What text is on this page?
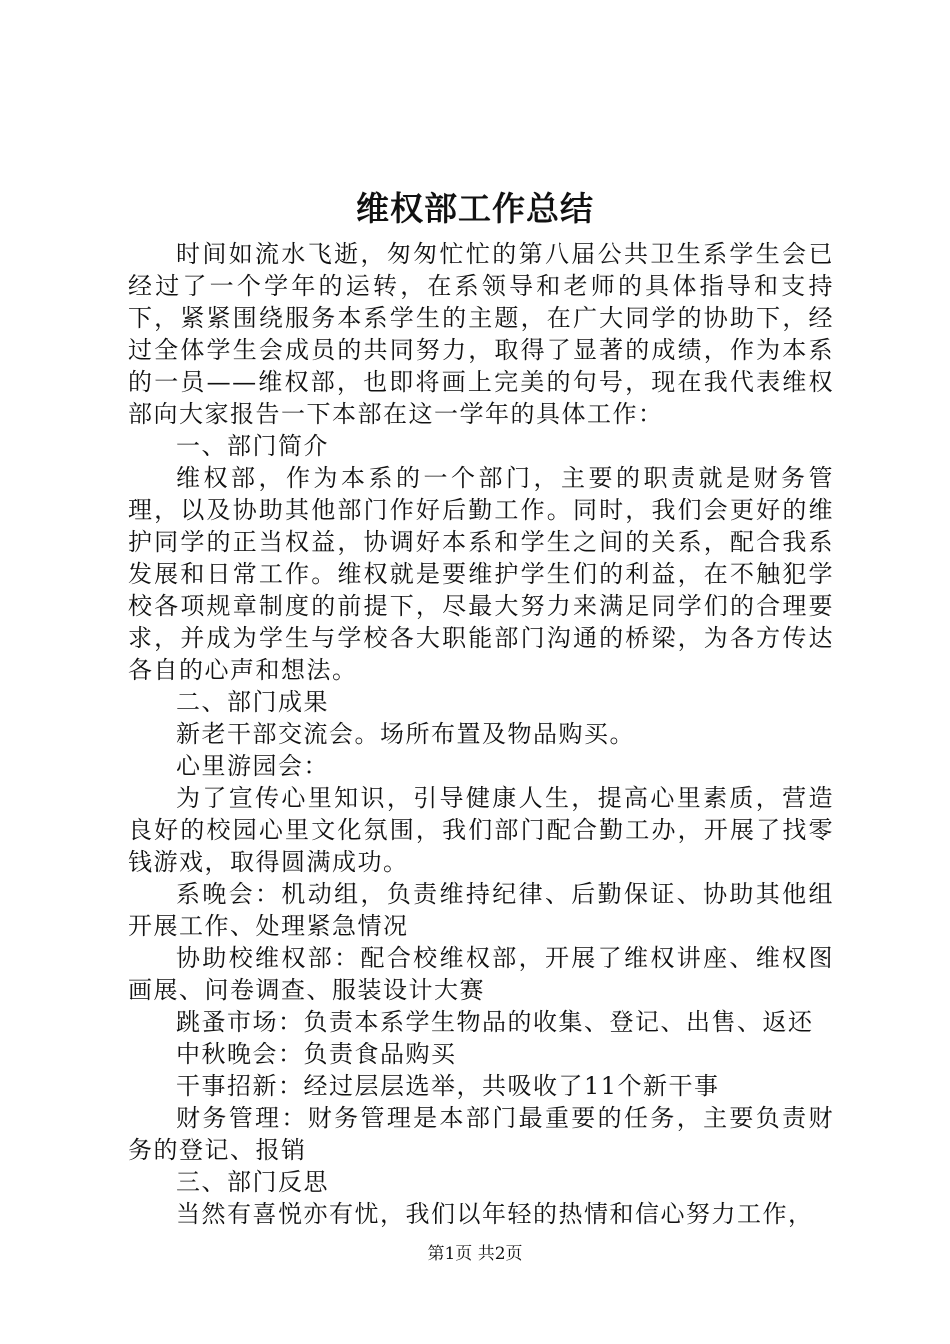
维权部工作总结

时间如流水飞逝，匆匆忙忙的第八届公共卫生系学生会已经过了一个学年的运转，在系领导和老师的具体指导和支持下，紧紧围绕服务本系学生的主题，在广大同学的协助下，经过全体学生会成员的共同努力，取得了显著的成绩，作为本系的一员——维权部，也即将画上完美的句号，现在我代表维权部向大家报告一下本部在这一学年的具体工作：

一、部门简介

维权部，作为本系的一个部门，主要的职责就是财务管理，以及协助其他部门作好后勤工作。同时，我们会更好的维护同学的正当权益，协调好本系和学生之间的关系，配合我系发展和日常工作。维权就是要维护学生们的利益，在不触犯学校各项规章制度的前提下，尽最大努力来满足同学们的合理要求，并成为学生与学校各大职能部门沟通的桥梁，为各方传达各自的心声和想法。

二、部门成果

新老干部交流会。场所布置及物品购买。

心里游园会：

为了宣传心里知识，引导健康人生，提高心里素质，营造良好的校园心里文化氛围，我们部门配合勤工办，开展了找零钱游戏，取得圆满成功。

系晚会：机动组，负责维持纪律、后勤保证、协助其他组开展工作、处理紧急情况

协助校维权部：配合校维权部，开展了维权讲座、维权图画展、问卷调查、服装设计大赛

跳蚤市场：负责本系学生物品的收集、登记、出售、返还

中秋晚会：负责食品购买

干事招新：经过层层选举，共吸收了11个新干事

财务管理：财务管理是本部门最重要的任务，主要负责财务的登记、报销

三、部门反思

当然有喜悦亦有忧，我们以年轻的热情和信心努力工作，

第1页 共2页
